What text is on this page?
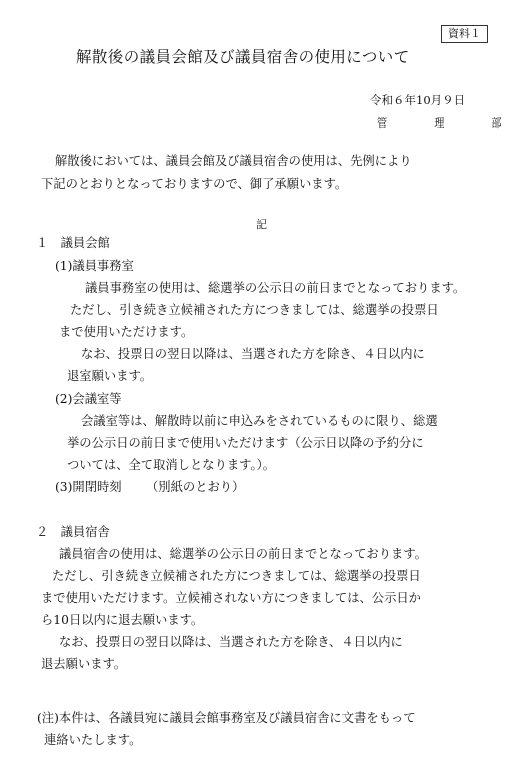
資料１
解散後の議員会館及び議員宿舎の使用について
令和６年10月９日
管　理　部
解散後においては、議員会館及び議員宿舎の使用は、先例により
下記のとおりとなっておりますので、御了承願います。
記
１　議員会館
(1)議員事務室
議員事務室の使用は、総選挙の公示日の前日までとなっております。
ただし、引き続き立候補された方につきましては、総選挙の投票日
まで使用いただけます。
なお、投票日の翌日以降は、当選された方を除き、４日以内に
退室願います。
(2)会議室等
会議室等は、解散時以前に申込みをされているものに限り、総選
挙の公示日の前日まで使用いただけます（公示日以降の予約分に
ついては、全て取消しとなります。）。
(3)開閉時刻 （別紙のとおり）
２　議員宿舎
議員宿舎の使用は、総選挙の公示日の前日までとなっております。
ただし、引き続き立候補された方につきましては、総選挙の投票日
まで使用いただけます。立候補されない方につきましては、公示日か
ら10日以内に退去願います。
なお、投票日の翌日以降は、当選された方を除き、４日以内に
退去願います。
(注)本件は、各議員宛に議員会館事務室及び議員宿舎に文書をもって
連絡いたします。
